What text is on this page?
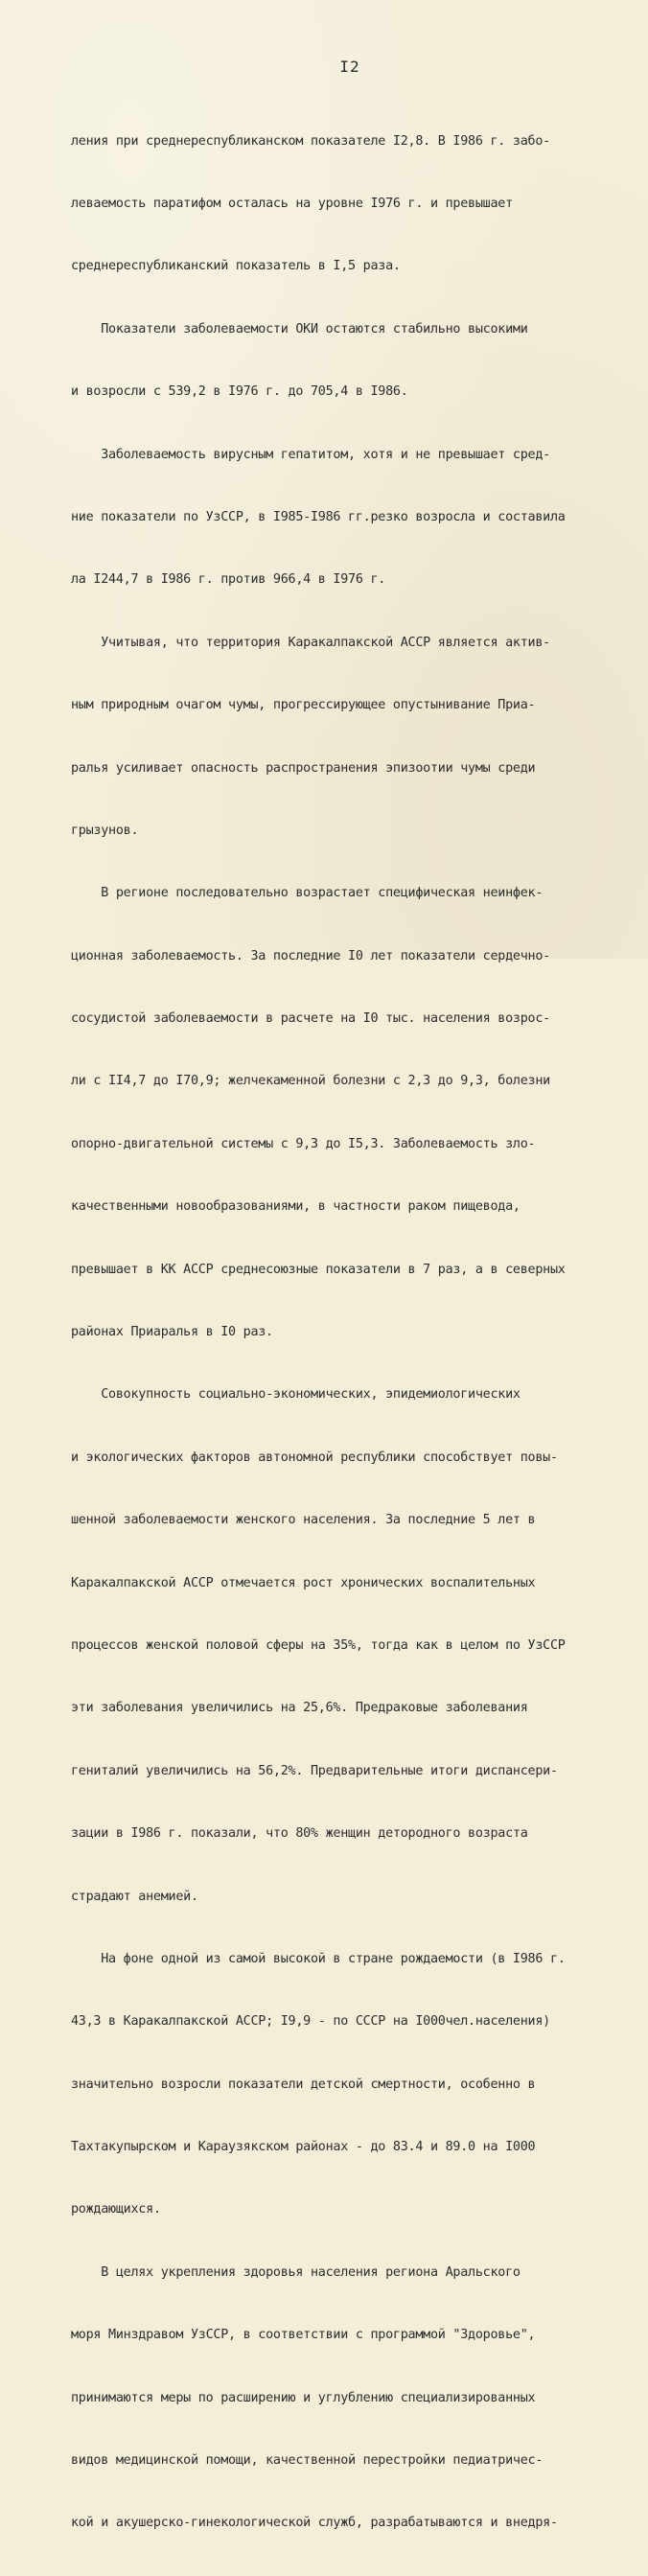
I2

ления при среднереспубликанском показателе I2,8. В I986 г. забо-

леваемость паратифом осталась на уровне I976 г. и превышает

среднереспубликанский показатель в I,5 раза.

Показатели заболеваемости ОКИ остаются стабильно высокими

и возросли с 539,2 в I976 г. до 705,4 в I986.

Заболеваемость вирусным гепатитом, хотя и не превышает сред-

ние показатели по УзССР, в I985-I986 гг.резко возросла и составила

ла I244,7 в I986 г. против 966,4 в I976 г.

Учитывая, что территория Каракалпакской АССР является актив-

ным природным очагом чумы, прогрессирующее опустынивание Приа-

ралья усиливает опасность распространения эпизоотии чумы среди

грызунов.

В регионе последовательно возрастает специфическая неинфек-

ционная заболеваемость. За последние I0 лет показатели сердечно-

сосудистой заболеваемости в расчете на I0 тыс. населения возрос-

ли с II4,7 до I70,9; желчекаменной болезни с 2,3 до 9,3, болезни

опорно-двигательной системы с 9,3 до I5,3. Заболеваемость зло-

качественными новообразованиями, в частности раком пищевода,

превышает в КК АССР среднесоюзные показатели в 7 раз, а в северных

районах Приаралья в I0 раз.

Совокупность социально-экономических, эпидемиологических

и экологических факторов автономной республики способствует повы-

шенной заболеваемости женского населения. За последние 5 лет в

Каракалпакской АССР отмечается рост хронических воспалительных

процессов женской половой сферы на 35%, тогда как в целом по УзССР

эти заболевания увеличились на 25,6%. Предраковые заболевания

гениталий увеличились на 56,2%. Предварительные итоги диспансери-

зации в I986 г. показали, что 80% женщин детородного возраста

страдают анемией.

На фоне одной из самой высокой в стране рождаемости (в I986 г.

43,3 в Каракалпакской АССР; I9,9 - по СССР на I000чел.населения)

значительно возросли показатели детской смертности, особенно в

Тахтакупырском и Караузякском районах - до 83.4 и 89.0 на I000

рождающихся.

В целях укрепления здоровья населения региона Аральского

моря Минздравом УзССР, в соответствии с программой "Здоровье",

принимаются меры по расширению и углублению специализированных

видов медицинской помощи, качественной перестройки педиатричес-

кой и акушерско-гинекологической служб, разрабатываются и внедря-
